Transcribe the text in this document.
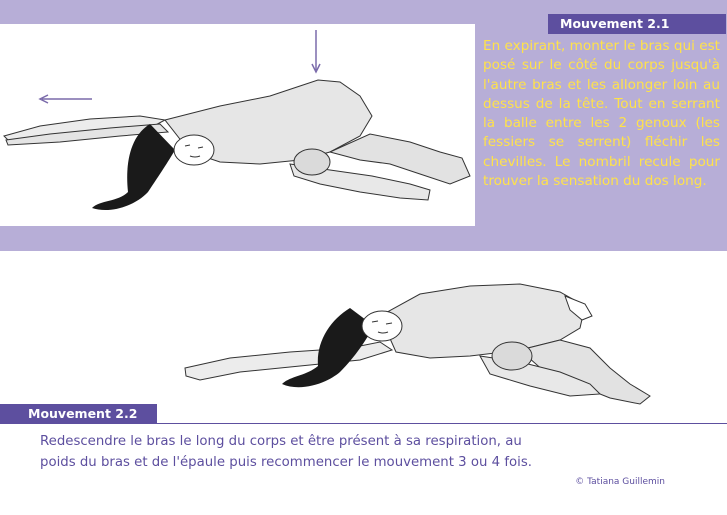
Mouvement 2.1
En expirant, monter le bras qui est posé sur le côté du corps jusqu'à l'autre bras et les allonger loin au dessus de la tête. Tout en serrant la balle entre les 2 genoux (les fessiers se serrent) fléchir les chevilles. Le nombril recule pour trouver la sensation du dos long.
Mouvement 2.2
Redescendre le bras le long du corps et être présent à sa respiration, au
poids du bras et de l'épaule puis recommencer le mouvement 3 ou 4 fois.
© Tatiana Guillemin
